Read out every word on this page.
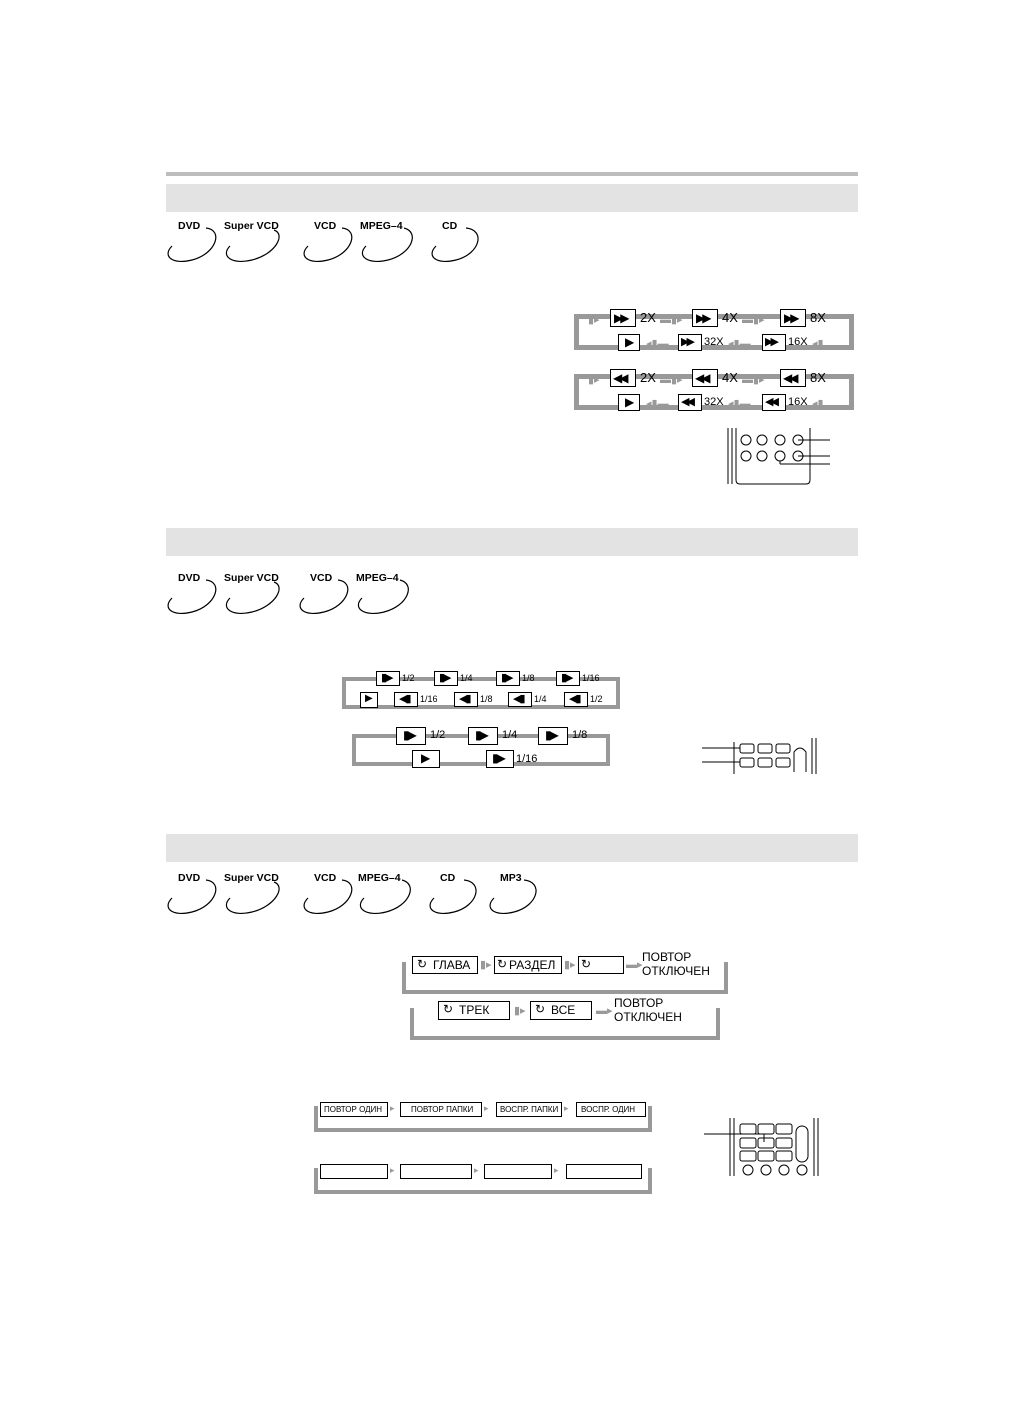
DVD Super VCD	VCD MPEG–4	CD
▮▸ ▶▶ 2X ▬▮▸ ▶▶ 4X ▬▮▸ ▶▶ 8X
▶ ◂▮▬ ▶▶ 32X ◂▮▬ ▶▶ 16X ◂▮
▮▸ ◀◀ 2X ▬▮▸ ◀◀ 4X ▬▮▸ ◀◀ 8X
▶ ◂▮▬ ◀◀ 32X ◂▮▬ ◀◀ 16X ◂▮
DVD Super VCD	VCD MPEG–4
▮▶ 1/2 ▮▶ 1/4	▮▶ 1/8 ▮▶ 1/16
▶ ◀▮ 1/16 ◀▮ 1/8 ◀▮ 1/4 ◀▮ 1/2
▮▶ 1/2 ▮▶ 1/4 ▮▶ 1/8
▶	▮▶ 1/16
DVD Super VCD	VCD MPEG–4	CD	MP3
↻ ГЛАВА ▮▸ ↻ РАЗДЕЛ ▮▸ ↻	▬▸
ПОВТОР
ОТКЛЮЧЕН
↻ ТРЕК ▮▸ ↻ ВСЕ ▬▸
ПОВТОР
ОТКЛЮЧЕН
ПОВТОР ОДИН ▸ ПОВТОР ПАПКИ ▸ ВОСПР. ПАПКИ ▸ ВОСПР. ОДИН
▸	▸	▸
